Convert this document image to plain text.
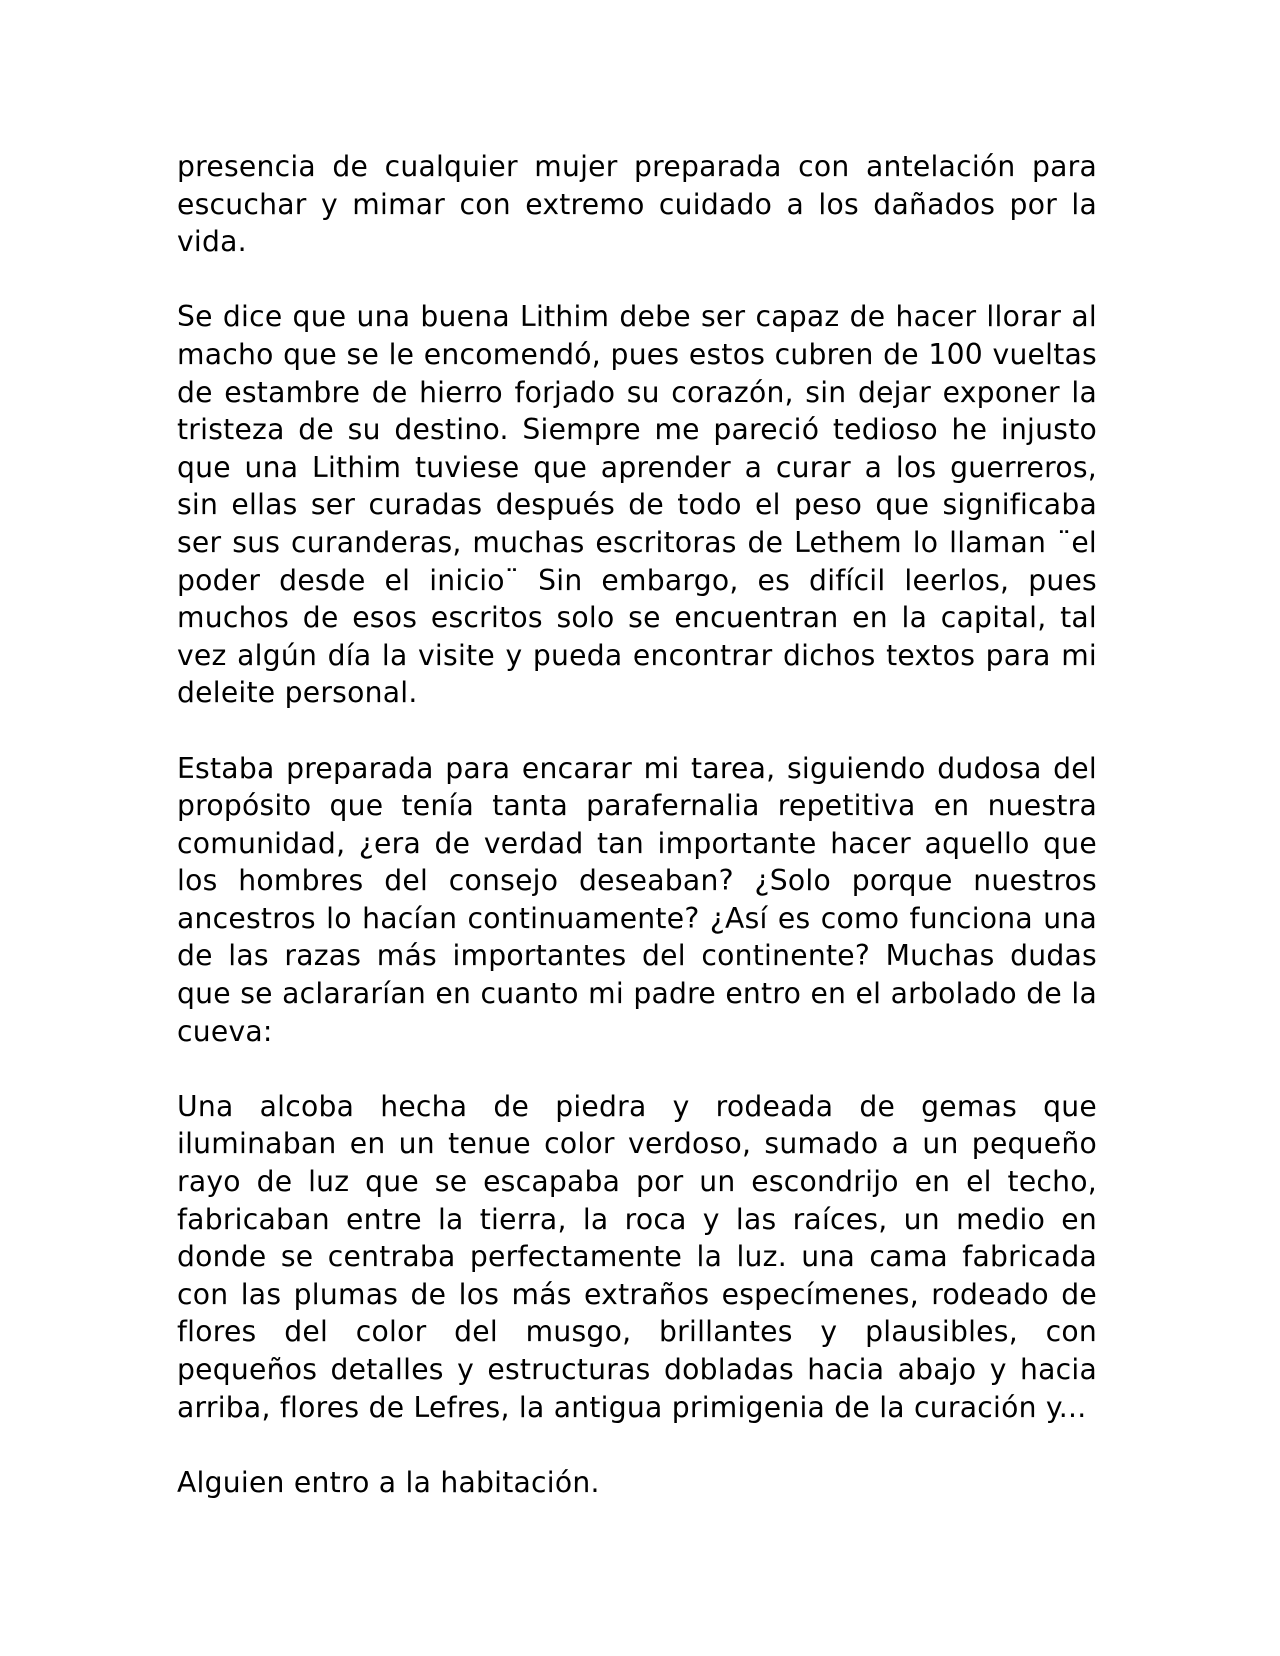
presencia de cualquier mujer preparada con antelación para escuchar y mimar con extremo cuidado a los dañados por la vida.

Se dice que una buena Lithim debe ser capaz de hacer llorar al macho que se le encomendó, pues estos cubren de 100 vueltas de estambre de hierro forjado su corazón, sin dejar exponer la tristeza de su destino. Siempre me pareció tedioso he injusto que una Lithim tuviese que aprender a curar a los guerreros, sin ellas ser curadas después de todo el peso que significaba ser sus curanderas, muchas escritoras de Lethem lo llaman ¨el poder desde el inicio¨ Sin embargo, es difícil leerlos, pues muchos de esos escritos solo se encuentran en la capital, tal vez algún día la visite y pueda encontrar dichos textos para mi deleite personal.

Estaba preparada para encarar mi tarea, siguiendo dudosa del propósito que tenía tanta parafernalia repetitiva en nuestra comunidad, ¿era de verdad tan importante hacer aquello que los hombres del consejo deseaban? ¿Solo porque nuestros ancestros lo hacían continuamente? ¿Así es como funciona una de las razas más importantes del continente? Muchas dudas que se aclararían en cuanto mi padre entro en el arbolado de la cueva:

Una alcoba hecha de piedra y rodeada de gemas que iluminaban en un tenue color verdoso, sumado a un pequeño rayo de luz que se escapaba por un escondrijo en el techo, fabricaban entre la tierra, la roca y las raíces, un medio en donde se centraba perfectamente la luz. una cama fabricada con las plumas de los más extraños especímenes, rodeado de flores del color del musgo, brillantes y plausibles, con pequeños detalles y estructuras dobladas hacia abajo y hacia arriba, flores de Lefres, la antigua primigenia de la curación y...

Alguien entro a la habitación.
